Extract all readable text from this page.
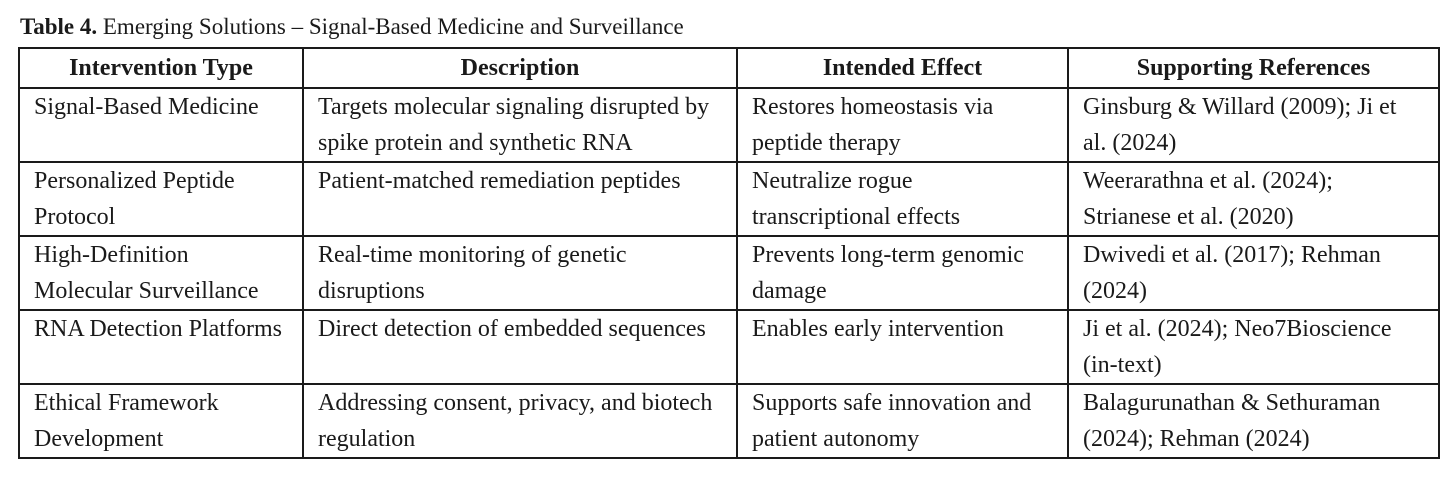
Table 4. Emerging Solutions – Signal-Based Medicine and Surveillance
Intervention Type	Description	Intended Effect	Supporting References
Signal-Based Medicine	Targets molecular signaling disrupted by spike protein and synthetic RNA	Restores homeostasis via peptide therapy	Ginsburg & Willard (2009); Ji et al. (2024)
Personalized Peptide Protocol	Patient-matched remediation peptides	Neutralize rogue transcriptional effects	Weerarathna et al. (2024); Strianese et al. (2020)
High-Definition Molecular Surveillance	Real-time monitoring of genetic disruptions	Prevents long-term genomic damage	Dwivedi et al. (2017); Rehman (2024)
RNA Detection Platforms	Direct detection of embedded sequences	Enables early intervention	Ji et al. (2024); Neo7Bioscience (in-text)
Ethical Framework Development	Addressing consent, privacy, and biotech regulation	Supports safe innovation and patient autonomy	Balagurunathan & Sethuraman (2024); Rehman (2024)
